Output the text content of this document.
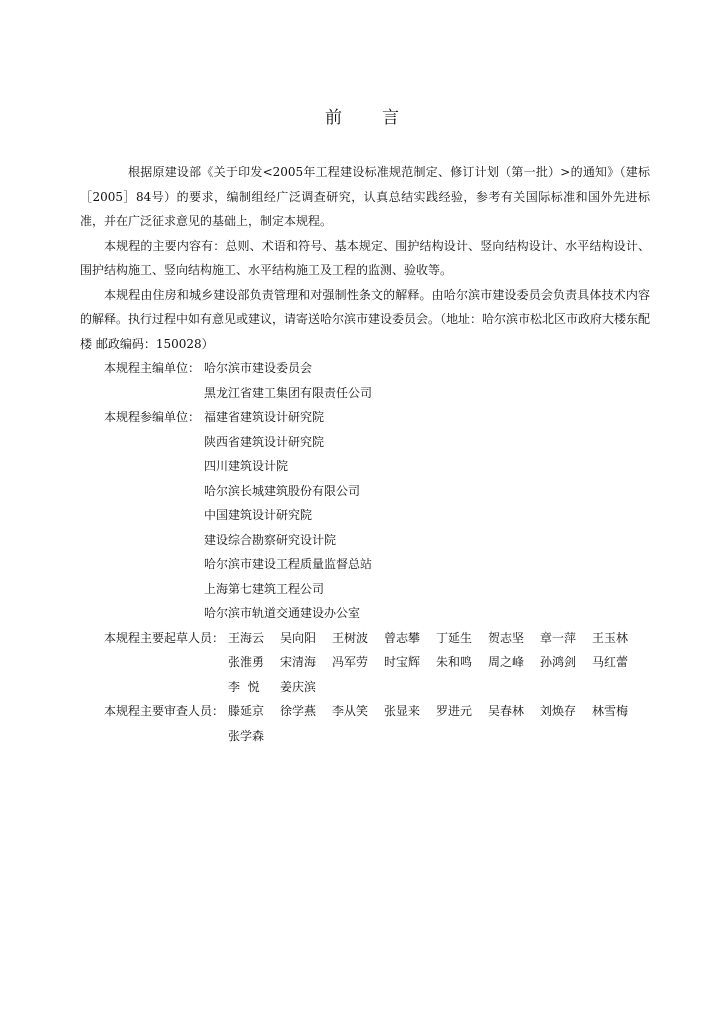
前 言

根据原建设部《关于印发<2005年工程建设标准规范制定、修订计划（第一批）>的通知》（建标［2005］84号）的要求，编制组经广泛调查研究，认真总结实践经验，参考有关国际标准和国外先进标准，并在广泛征求意见的基础上，制定本规程。

本规程的主要内容有：总则、术语和符号、基本规定、围护结构设计、竖向结构设计、水平结构设计、围护结构施工、竖向结构施工、水平结构施工及工程的监测、验收等。

本规程由住房和城乡建设部负责管理和对强制性条文的解释。由哈尔滨市建设委员会负责具体技术内容的解释。执行过程中如有意见或建议，请寄送哈尔滨市建设委员会。（地址：哈尔滨市松北区市政府大楼东配楼 邮政编码：150028）

本规程主编单位： 哈尔滨市建设委员会
黑龙江省建工集团有限责任公司
本规程参编单位： 福建省建筑设计研究院
陕西省建筑设计研究院
四川建筑设计院
哈尔滨长城建筑股份有限公司
中国建筑设计研究院
建设综合勘察研究设计院
哈尔滨市建设工程质量监督总站
上海第七建筑工程公司
哈尔滨市轨道交通建设办公室
本规程主要起草人员： 王海云	吴向阳	王树波	曾志攀	丁延生	贺志坚	章一萍	王玉林
张淮勇	宋清海	冯军劳	时宝辉	朱和鸣	周之峰	孙鸿剑	马红蕾
李  悦	姜庆滨
本规程主要审查人员： 滕延京	徐学燕	李从笑	张显来	罗进元	吴春林	刘焕存	林雪梅
张学森
